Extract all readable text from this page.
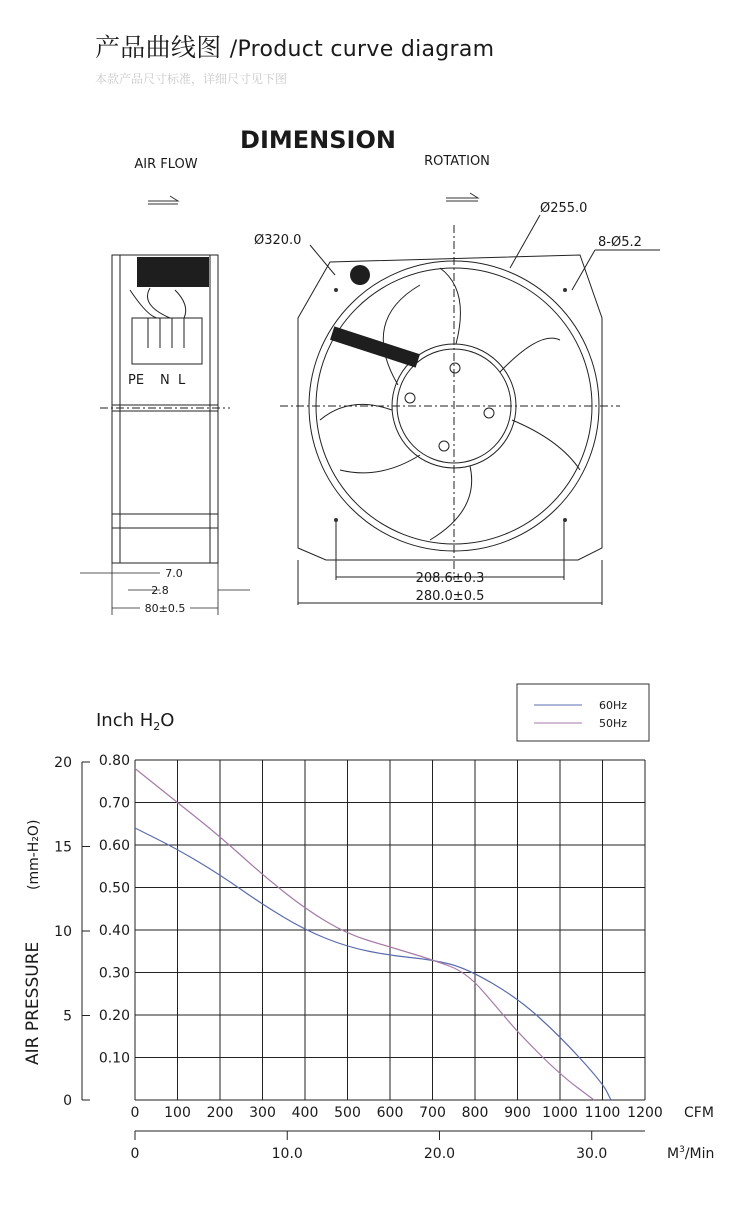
产品曲线图 /Product curve diagram
本款产品尺寸标准，详细尺寸见下图
DIMENSION
AIR FLOW	ROTATION
PE N L
7.0
2.8
80±0.5
Ø320.0
Ø255.0
8-Ø5.2
208.6±0.3
280.0±0.5
60Hz
50Hz
Inch $H_2O$
AIR PRESSURE
(mm-H₂O)
0 100 200 300 400 500 600 700 800 900 1000 1100 1200
0.10
0.20
0.30
0.40
0.50
0.60
0.70
0.80
0
5
10
15
20
0	10.0	20.0	30.0
CFM
$M^3$/Min
